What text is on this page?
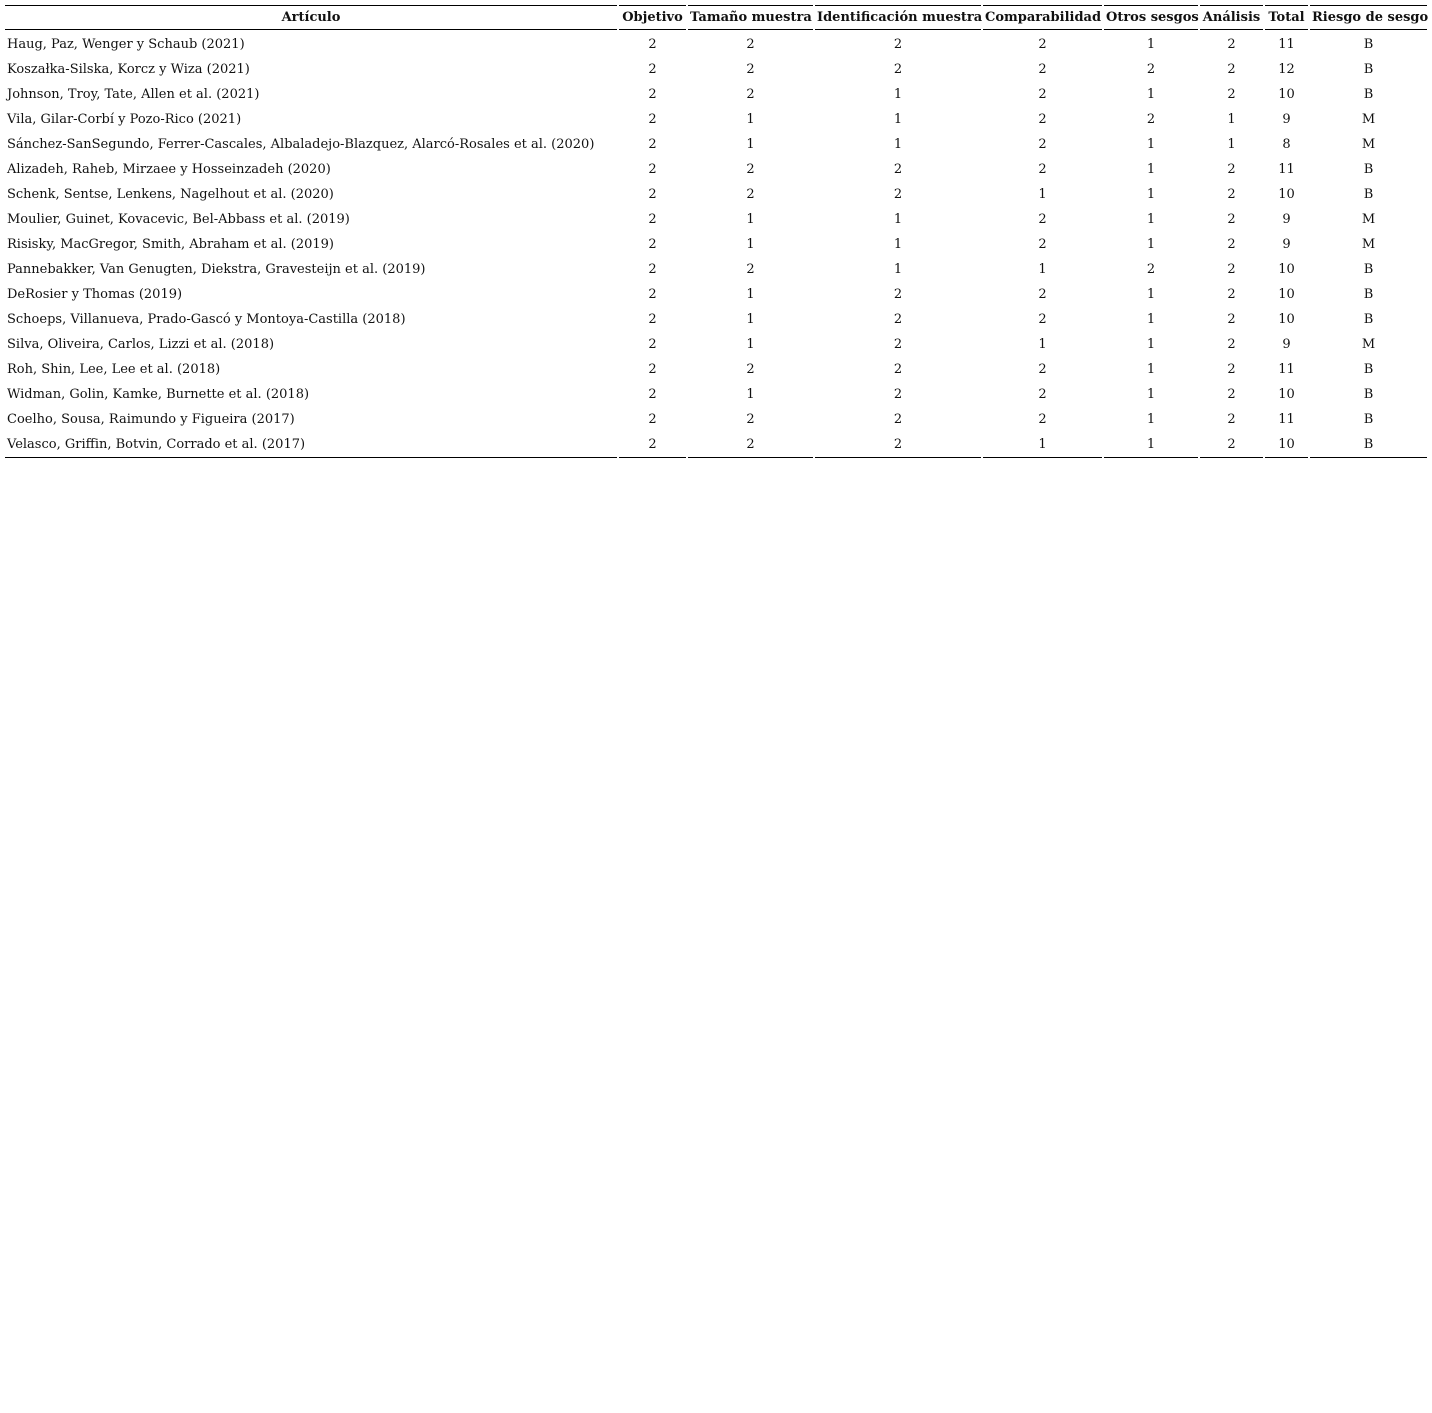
Artículo	Objetivo	Tamaño muestra	Identificación muestra	Comparabilidad	Otros sesgos	Análisis	Total	Riesgo de sesgo
Haug, Paz, Wenger y Schaub (2021)	2	2	2	2	1	2	11	B
Koszałka-Silska, Korcz y Wiza (2021)	2	2	2	2	2	2	12	B
Johnson, Troy, Tate, Allen et al. (2021)	2	2	1	2	1	2	10	B
Vila, Gilar-Corbí y Pozo-Rico (2021)	2	1	1	2	2	1	9	M
Sánchez-SanSegundo, Ferrer-Cascales, Albaladejo-Blazquez, Alarcó-Rosales et al. (2020)	2	1	1	2	1	1	8	M
Alizadeh, Raheb, Mirzaee y Hosseinzadeh (2020)	2	2	2	2	1	2	11	B
Schenk, Sentse, Lenkens, Nagelhout et al. (2020)	2	2	2	1	1	2	10	B
Moulier, Guinet, Kovacevic, Bel-Abbass et al. (2019)	2	1	1	2	1	2	9	M
Risisky, MacGregor, Smith, Abraham et al. (2019)	2	1	1	2	1	2	9	M
Pannebakker, Van Genugten, Diekstra, Gravesteijn et al. (2019)	2	2	1	1	2	2	10	B
DeRosier y Thomas (2019)	2	1	2	2	1	2	10	B
Schoeps, Villanueva, Prado-Gascó y Montoya-Castilla (2018)	2	1	2	2	1	2	10	B
Silva, Oliveira, Carlos, Lizzi et al. (2018)	2	1	2	1	1	2	9	M
Roh, Shin, Lee, Lee et al. (2018)	2	2	2	2	1	2	11	B
Widman, Golin, Kamke, Burnette et al. (2018)	2	1	2	2	1	2	10	B
Coelho, Sousa, Raimundo y Figueira (2017)	2	2	2	2	1	2	11	B
Velasco, Griffin, Botvin, Corrado et al. (2017)	2	2	2	1	1	2	10	B
